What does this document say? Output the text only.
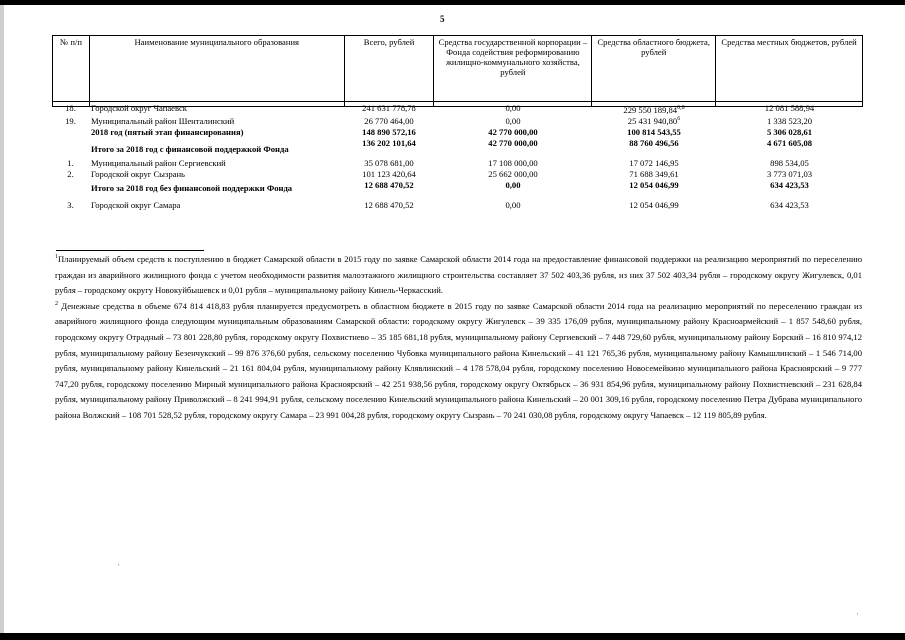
5
№ п/п	Наименование муниципального образования	Всего, рублей	Средства государственной корпорации – Фонда содействия реформированию жилищно-коммунального хозяйства, рублей	Средства областного бюджета, рублей	Средства местных бюджетов, рублей

18.	Городской округ Чапаевск	241 631 778,78	0,00	229 550 189,84$^{6,8}$	12 081 588,94
19.	Муниципальный район Шенталинский	26 770 464,00	0,00	25 431 940,80$^6$	1 338 523,20
	2018 год (пятый этап финансирования)	148 890 572,16	42 770 000,00	100 814 543,55	5 306 028,61
	Итого за 2018 год с финансовой поддержкой Фонда	136 202 101,64	42 770 000,00	88 760 496,56	4 671 605,08
1.	Муниципальный район Сергиевский	35 078 681,00	17 108 000,00	17 072 146,95	898 534,05
2.	Городской округ Сызрань	101 123 420,64	25 662 000,00	71 688 349,61	3 773 071,03
	Итого за 2018 год без финансовой поддержки Фонда	12 688 470,52	0,00	12 054 046,99	634 423,53
3.	Городской округ Самара	12 688 470,52	0,00	12 054 046,99	634 423,53

$^1$Планируемый объем средств к поступлению в бюджет Самарской области в 2015 году по заявке Самарской области 2014 года на предоставление финансовой поддержки на реализацию мероприятий по переселению граждан из аварийного жилищного фонда с учетом необходимости развития малоэтажного жилищного строительства составляет 37 502 403,36 рубля, из них 37 502 403,34 рубля – городскому округу Жигулевск, 0,01 рубля – городскому округу Новокуйбышевск и 0,01 рубля – муниципальному району Кинель-Черкасский.

$^2$ Денежные средства в объеме 674 814 418,83 рубля планируется предусмотреть в областном бюджете в 2015 году по заявке Самарской области 2014 года на реализацию мероприятий по переселению граждан из аварийного жилищного фонда следующим муниципальным образованиям Самарской области: городскому округу Жигулевск – 39 335 176,09 рубля, муниципальному району Красноармейский – 1 857 548,60 рубля, городскому округу Отрадный – 73 801 228,80 рубля, городскому округу Похвистнево – 35 185 681,18 рубля, муниципальному району Сергиевский – 7 448 729,60 рубля, муниципальному району Борский – 16 810 974,12 рубля, муниципальному району Безенчукский – 99 876 376,60 рубля, сельскому поселению Чубовка муниципального района Кинельский – 41 121 765,36 рубля, муниципальному району Камышлинский – 1 546 714,00 рубля, муниципальному району Кинельский – 21 161 804,04 рубля, муниципальному району Клявлинский – 4 178 578,04 рубля, городскому поселению Новосемейкино муниципального района Красноярский – 9 777 747,20 рубля, городскому поселению Мирный муниципального района Красноярский – 42 251 938,56 рубля, городскому округу Октябрьск – 36 931 854,96 рубля, муниципальному району Похвистневский – 231 628,84 рубля, муниципальному району Приволжский – 8 241 994,91 рубля, сельскому поселению Кинельский муниципального района Кинельский – 20 001 309,16 рубля, городскому поселению Петра Дубрава муниципального района Волжский – 108 701 528,52 рубля, городскому округу Самара – 23 991 004,28 рубля, городскому округу Сызрань – 70 241 030,08 рубля, городскому округу Чапаевск – 12 119 805,89 рубля.

'
'
